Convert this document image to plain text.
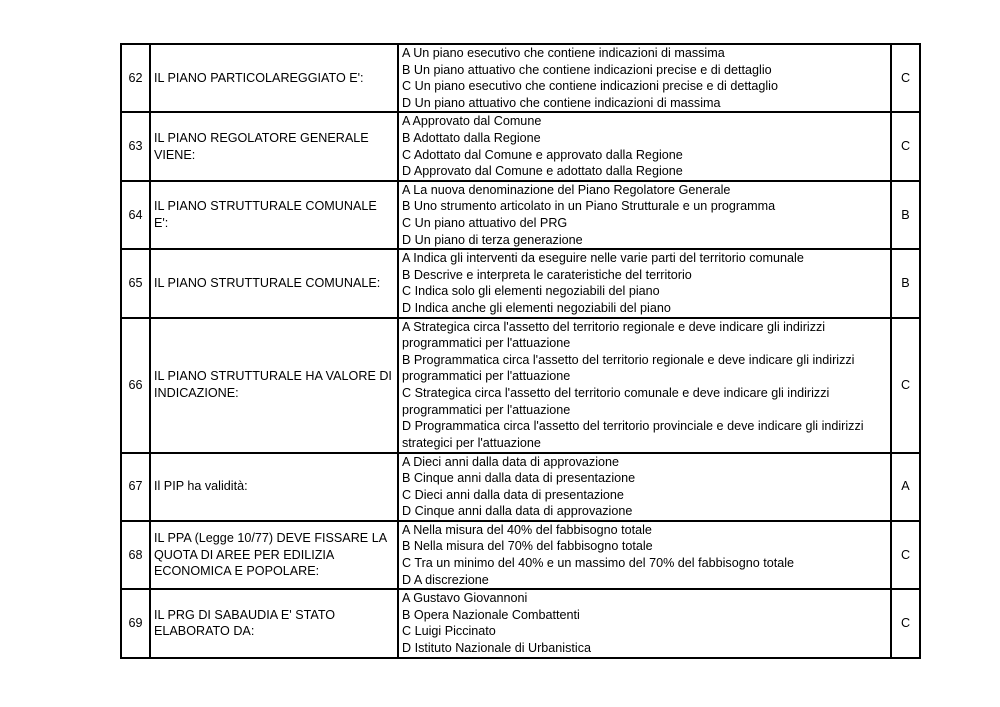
62	IL PIANO PARTICOLAREGGIATO E':	A Un piano esecutivo che contiene indicazioni di massima
B Un piano attuativo che contiene indicazioni precise e di dettaglio
C Un piano esecutivo che contiene indicazioni precise e di dettaglio
D Un piano attuativo che contiene indicazioni di massima	C
63	IL PIANO REGOLATORE GENERALE VIENE:	A Approvato dal Comune
B Adottato dalla Regione
C Adottato dal Comune e approvato dalla Regione
D Approvato dal Comune e adottato dalla Regione	C
64	IL PIANO STRUTTURALE COMUNALE E':	A La nuova denominazione del Piano Regolatore Generale
B Uno strumento articolato in un Piano Strutturale e un programma
C Un piano attuativo del PRG
D Un piano di terza generazione	B
65	IL PIANO STRUTTURALE COMUNALE:	A Indica gli interventi da eseguire nelle varie parti del territorio comunale
B Descrive e interpreta le carateristiche del territorio
C Indica solo gli elementi negoziabili del piano
D Indica anche gli elementi negoziabili del piano	B
66	IL PIANO STRUTTURALE HA VALORE DI INDICAZIONE:	A Strategica circa l'assetto del territorio regionale e deve indicare gli indirizzi programmatici per l'attuazione
B Programmatica circa l'assetto del territorio regionale e deve indicare gli indirizzi programmatici per l'attuazione
C Strategica circa l'assetto del territorio comunale e deve indicare gli indirizzi programmatici per l'attuazione
D Programmatica circa l'assetto del territorio provinciale e deve indicare gli indirizzi strategici per l'attuazione	C
67	Il PIP ha validità:	A Dieci anni dalla data di approvazione
B Cinque anni dalla data di presentazione
C Dieci anni dalla data di presentazione
D Cinque anni dalla data di approvazione	A
68	IL PPA (Legge 10/77) DEVE FISSARE LA QUOTA DI AREE PER EDILIZIA ECONOMICA E POPOLARE:	A Nella misura del 40% del fabbisogno totale
B Nella misura del 70% del fabbisogno totale
C Tra un minimo del 40% e un massimo del 70% del fabbisogno totale
D A discrezione	C
69	IL PRG DI SABAUDIA E' STATO ELABORATO DA:	A Gustavo Giovannoni
B Opera Nazionale Combattenti
C Luigi Piccinato
D Istituto Nazionale di Urbanistica	C
